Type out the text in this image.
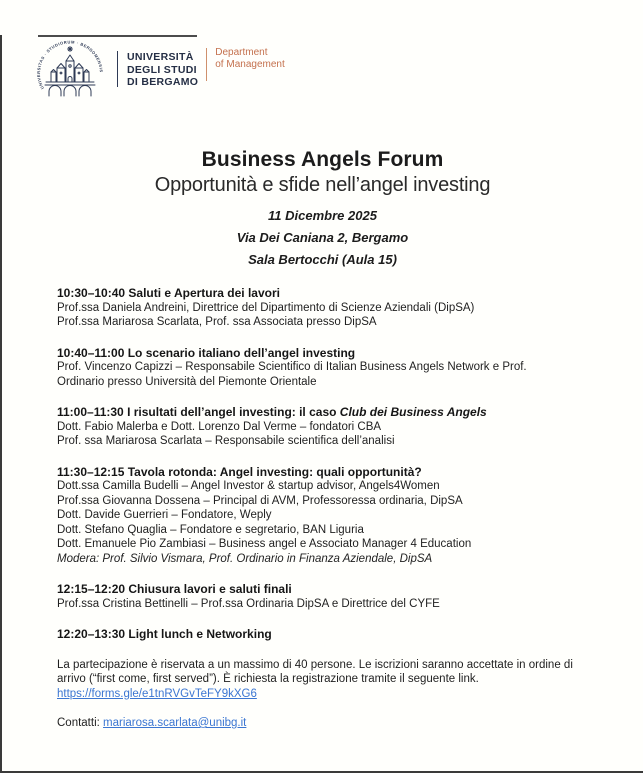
UNIVERSITAS · STUDIORUM · BERGOMENSIS
UNIVERSITÀ
DEGLI STUDI
DI BERGAMO
Department
of Management
Business Angels Forum
Opportunità e sfide nell’angel investing
11 Dicembre 2025
Via Dei Caniana 2, Bergamo
Sala Bertocchi (Aula 15)
10:30–10:40 Saluti e Apertura dei lavori

Prof.ssa Daniela Andreini, Direttrice del Dipartimento di Scienze Aziendali (DipSA)

Prof.ssa Mariarosa Scarlata, Prof. ssa Associata presso DipSA

10:40–11:00 Lo scenario italiano dell’angel investing

Prof. Vincenzo Capizzi – Responsabile Scientifico di Italian Business Angels Network e Prof.

Ordinario presso Università del Piemonte Orientale

11:00–11:30 I risultati dell’angel investing: il caso Club dei Business Angels

Dott. Fabio Malerba e Dott. Lorenzo Dal Verme – fondatori CBA

Prof. ssa Mariarosa Scarlata – Responsabile scientifica dell’analisi

11:30–12:15 Tavola rotonda: Angel investing: quali opportunità?

Dott.ssa Camilla Budelli – Angel Investor & startup advisor, Angels4Women

Prof.ssa Giovanna Dossena – Principal di AVM, Professoressa ordinaria, DipSA

Dott. Davide Guerrieri – Fondatore, Weply

Dott. Stefano Quaglia – Fondatore e segretario, BAN Liguria

Dott. Emanuele Pio Zambiasi – Business angel e Associato Manager 4 Education

Modera: Prof. Silvio Vismara, Prof. Ordinario in Finanza Aziendale, DipSA

12:15–12:20 Chiusura lavori e saluti finali

Prof.ssa Cristina Bettinelli – Prof.ssa Ordinaria DipSA e Direttrice del CYFE

12:20–13:30 Light lunch e Networking

La partecipazione è riservata a un massimo di 40 persone. Le iscrizioni saranno accettate in ordine di arrivo (“first come, first served”). È richiesta la registrazione tramite il seguente link.

https://forms.gle/e1tnRVGvTeFY9kXG6

Contatti: mariarosa.scarlata@unibg.it
